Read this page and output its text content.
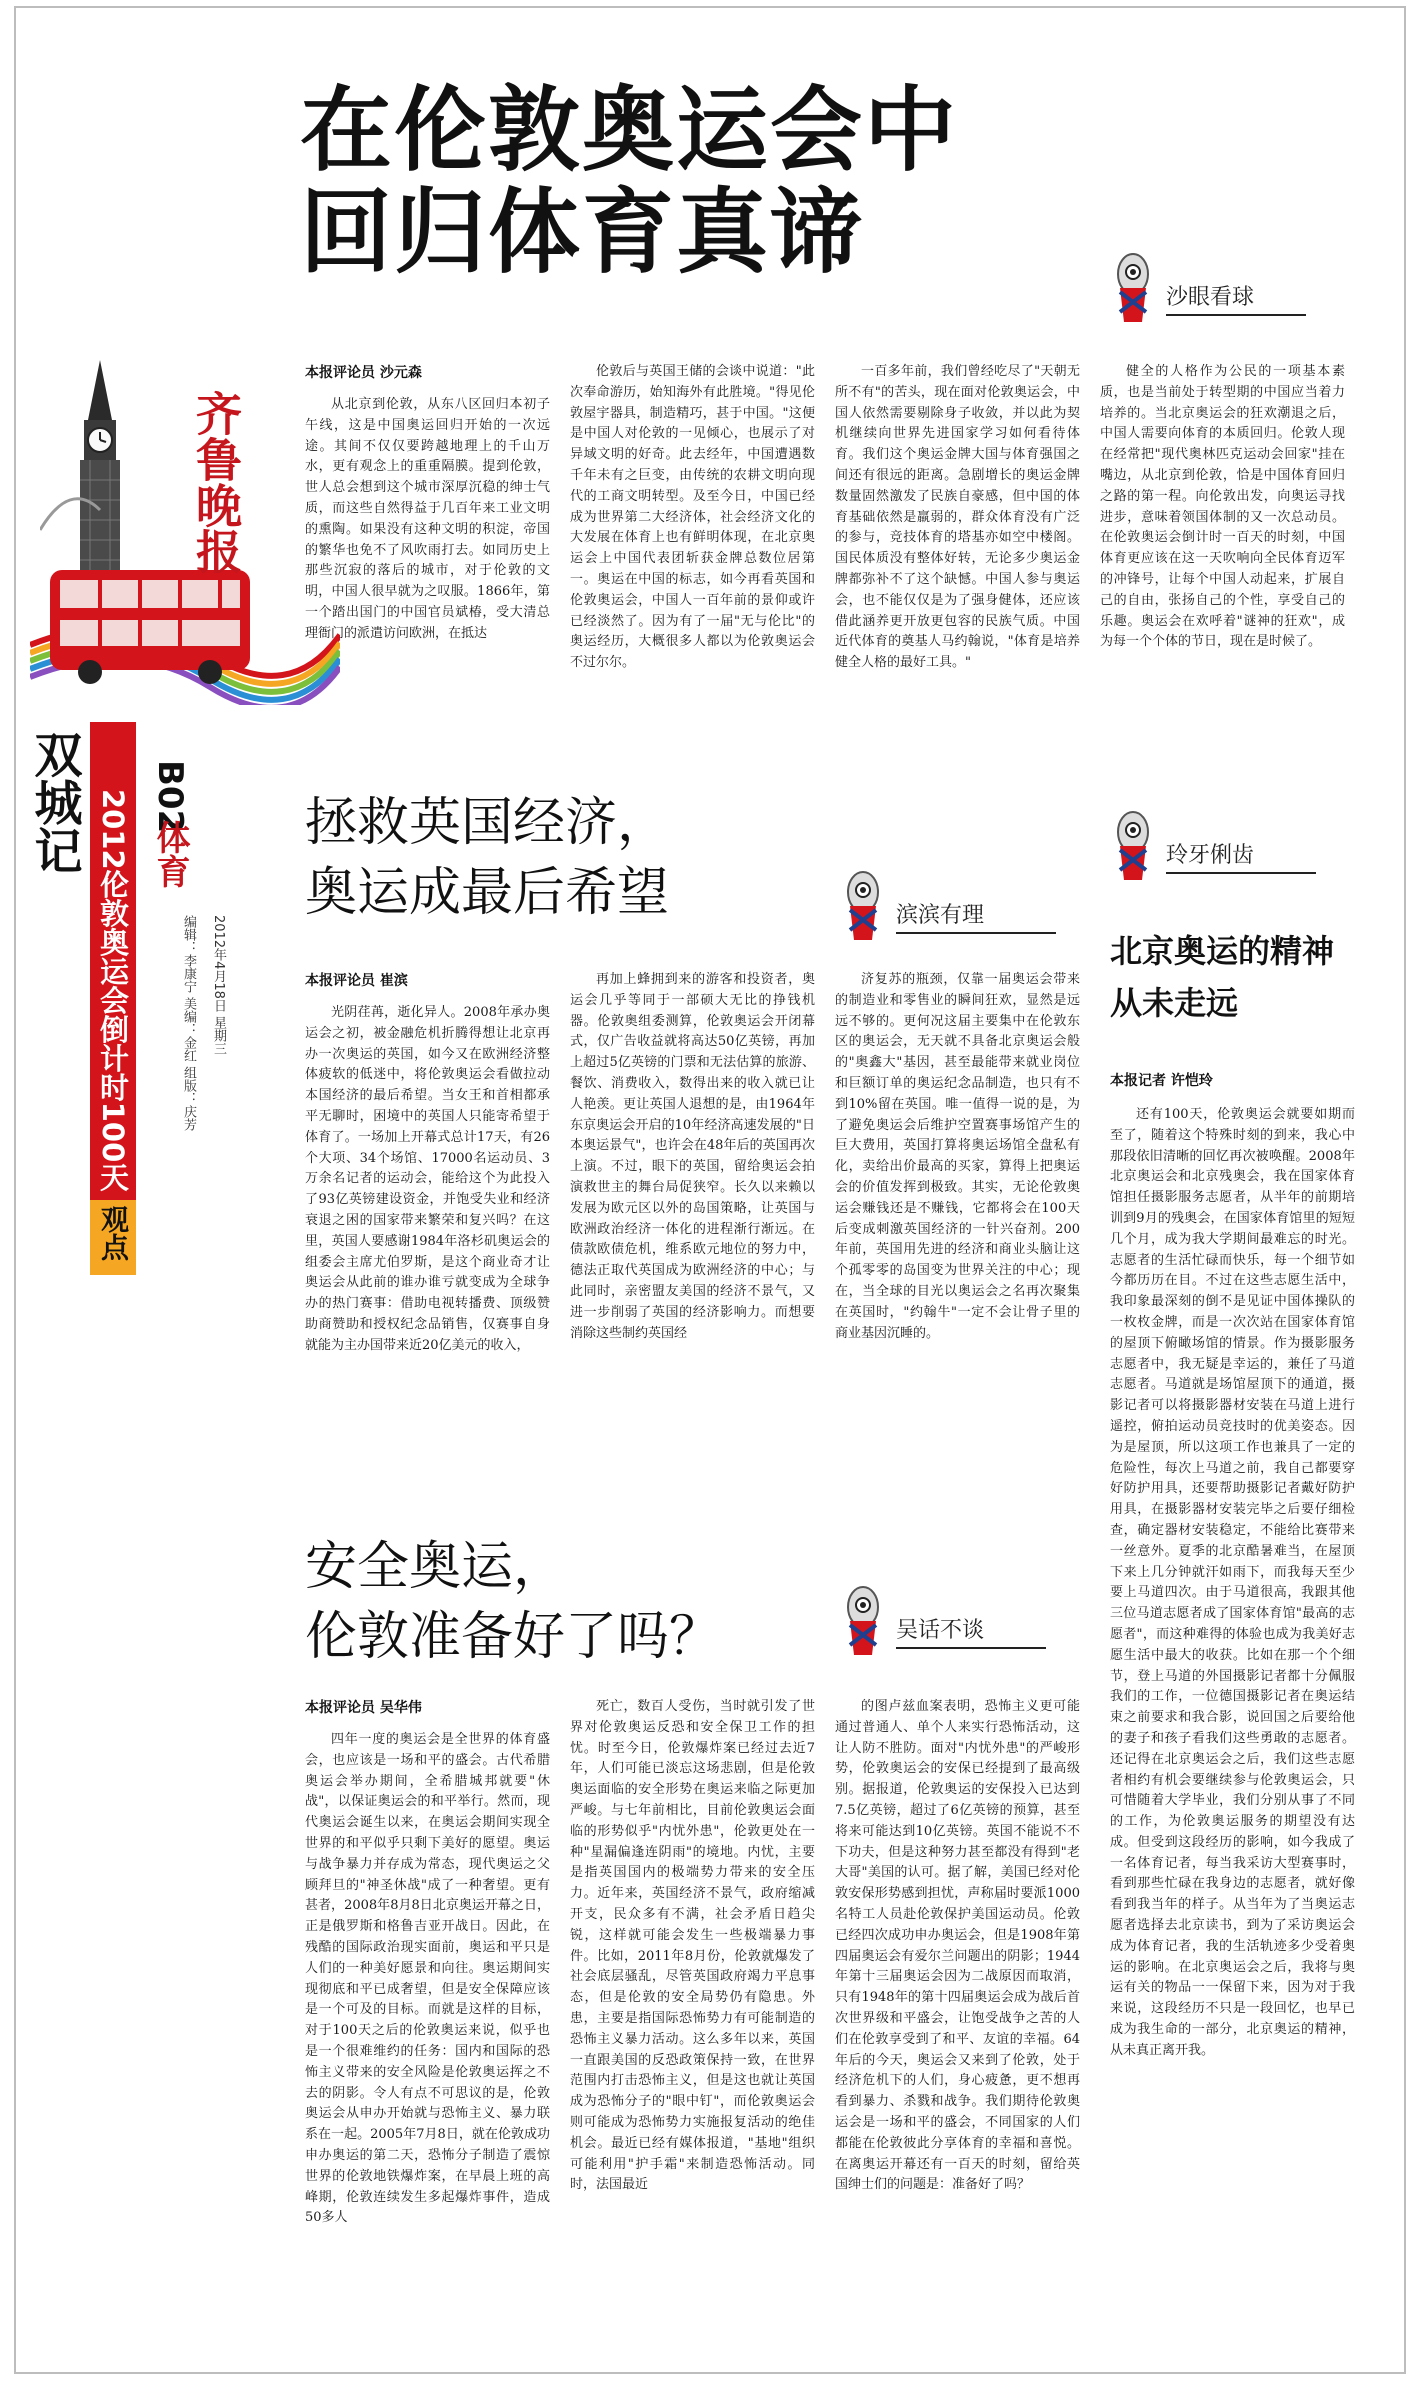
齐鲁晚报
双城记 2012伦敦奥运会倒计时100天
观点
B02
体育
2012年4月18日 星期三
编辑：李康宁 美编：金红 组版：庆芳
在伦敦奥运会中
回归体育真谛
沙眼看球
本报评论员 沙元森

从北京到伦敦，从东八区回归本初子午线，这是中国奥运回归开始的一次远途。其间不仅仅要跨越地理上的千山万水，更有观念上的重重隔膜。提到伦敦，世人总会想到这个城市深厚沉稳的绅士气质，而这些自然得益于几百年来工业文明的熏陶。如果没有这种文明的积淀，帝国的繁华也免不了风吹雨打去。如同历史上那些沉寂的落后的城市，对于伦敦的文明，中国人很早就为之叹服。1866年，第一个踏出国门的中国官员斌椿，受大清总理衙门的派遣访问欧洲，在抵达

伦敦后与英国王储的会谈中说道："此次奉命游历，始知海外有此胜境。"得见伦敦屋宇器具，制造精巧，甚于中国。"这便是中国人对伦敦的一见倾心，也展示了对异域文明的好奇。此去经年，中国遭遇数千年未有之巨变，由传统的农耕文明向现代的工商文明转型。及至今日，中国已经成为世界第二大经济体，社会经济文化的大发展在体育上也有鲜明体现，在北京奥运会上中国代表团斩获金牌总数位居第一。奥运在中国的标志，如今再看英国和伦敦奥运会，中国人一百年前的景仰或许已经淡然了。因为有了一届"无与伦比"的奥运经历，大概很多人都以为伦敦奥运会不过尔尔。

一百多年前，我们曾经吃尽了"天朝无所不有"的苦头，现在面对伦敦奥运会，中国人依然需要剔除身子收敛，并以此为契机继续向世界先进国家学习如何看待体育。我们这个奥运金牌大国与体育强国之间还有很远的距离。急剧增长的奥运金牌数量固然激发了民族自豪感，但中国的体育基础依然是羸弱的，群众体育没有广泛的参与，竞技体育的塔基亦如空中楼阁。国民体质没有整体好转，无论多少奥运金牌都弥补不了这个缺憾。中国人参与奥运会，也不能仅仅是为了强身健体，还应该借此涵养更开放更包容的民族气质。中国近代体育的奠基人马约翰说，"体育是培养健全人格的最好工具。"

健全的人格作为公民的一项基本素质，也是当前处于转型期的中国应当着力培养的。当北京奥运会的狂欢潮退之后，中国人需要向体育的本质回归。伦敦人现在经常把"现代奥林匹克运动会回家"挂在嘴边，从北京到伦敦，恰是中国体育回归之路的第一程。向伦敦出发，向奥运寻找进步，意味着领国体制的又一次总动员。在伦敦奥运会倒计时一百天的时刻，中国体育更应该在这一天吹响向全民体育迈军的冲锋号，让每个中国人动起来，扩展自己的自由，张扬自己的个性，享受自己的乐趣。奥运会在欢呼着"谜神的狂欢"，成为每一个个体的节日，现在是时候了。

拯救英国经济，
奥运成最后希望	滨滨有理
本报评论员 崔滨

光阴荏苒，逝化异人。2008年承办奥运会之初，被金融危机折腾得想让北京再办一次奥运的英国，如今又在欧洲经济整体疲软的低迷中，将伦敦奥运会看做拉动本国经济的最后希望。当女王和首相都承平无聊时，困境中的英国人只能寄希望于体育了。一场加上开幕式总计17天，有26个大项、34个场馆、17000名运动员、3万余名记者的运动会，能给这个为此投入了93亿英镑建设资金，并饱受失业和经济衰退之困的国家带来繁荣和复兴吗？在这里，英国人要感谢1984年洛杉矶奥运会的组委会主席尤伯罗斯，是这个商业奇才让奥运会从此前的谁办谁亏就变成为全球争办的热门赛事：借助电视转播费、顶级赞助商赞助和授权纪念品销售，仅赛事自身就能为主办国带来近20亿美元的收入，

再加上蜂拥到来的游客和投资者，奥运会几乎等同于一部硕大无比的挣钱机器。伦敦奥组委测算，伦敦奥运会开闭幕式，仅广告收益就将高达50亿英镑，再加上超过5亿英镑的门票和无法估算的旅游、餐饮、消费收入，数得出来的收入就已让人艳羡。更让英国人退想的是，由1964年东京奥运会开启的10年经济高速发展的"日本奥运景气"，也许会在48年后的英国再次上演。不过，眼下的英国，留给奥运会拍演救世主的舞台局促狭窄。长久以来赖以发展为欧元区以外的岛国策略，让英国与欧洲政治经济一体化的进程渐行渐远。在债款欧债危机，维系欧元地位的努力中，德法正取代英国成为欧洲经济的中心；与此同时，亲密盟友美国的经济不景气，又进一步削弱了英国的经济影响力。而想要消除这些制约英国经

济复苏的瓶颈，仅靠一届奥运会带来的制造业和零售业的瞬间狂欢，显然是远远不够的。更何况这届主要集中在伦敦东区的奥运会，无天就不具备北京奥运会般的"奥鑫大"基因，甚至最能带来就业岗位和巨额订单的奥运纪念品制造，也只有不到10%留在英国。唯一值得一说的是，为了避免奥运会后维护空置赛事场馆产生的巨大费用，英国打算将奥运场馆全盘私有化，卖给出价最高的买家，算得上把奥运会的价值发挥到极致。其实，无论伦敦奥运会赚钱还是不赚钱，它都将会在100天后变成刺激英国经济的一针兴奋剂。200年前，英国用先进的经济和商业头脑让这个孤零零的岛国变为世界关注的中心；现在，当全球的目光以奥运会之名再次聚集在英国时，"约翰牛"一定不会让骨子里的商业基因沉睡的。

玲牙俐齿
北京奥运的精神
从未走远
本报记者 许恺玲

还有100天，伦敦奥运会就要如期而至了，随着这个特殊时刻的到来，我心中那段依旧清晰的回忆再次被唤醒。2008年北京奥运会和北京残奥会，我在国家体育馆担任摄影服务志愿者，从半年的前期培训到9月的残奥会，在国家体育馆里的短短几个月，成为我大学期间最难忘的时光。志愿者的生活忙碌而快乐，每一个细节如今都历历在目。不过在这些志愿生活中，我印象最深刻的倒不是见证中国体操队的一枚枚金牌，而是一次次站在国家体育馆的屋顶下俯瞰场馆的情景。作为摄影服务志愿者中，我无疑是幸运的，兼任了马道志愿者。马道就是场馆屋顶下的通道，摄影记者可以将摄影器材安装在马道上进行遥控，俯拍运动员竞技时的优美姿态。因为是屋顶，所以这项工作也兼具了一定的危险性，每次上马道之前，我自己都要穿好防护用具，还要帮助摄影记者戴好防护用具，在摄影器材安装完毕之后要仔细检查，确定器材安装稳定，不能给比赛带来一丝意外。夏季的北京酷暑难当，在屋顶下来上几分钟就汗如雨下，而我每天至少要上马道四次。由于马道很高，我跟其他三位马道志愿者成了国家体育馆"最高的志愿者"，而这种难得的体验也成为我美好志愿生活中最大的收获。比如在那一个个细节，登上马道的外国摄影记者都十分佩服我们的工作，一位德国摄影记者在奥运结束之前要求和我合影，说回国之后要给他的妻子和孩子看我们这些勇敢的志愿者。还记得在北京奥运会之后，我们这些志愿者相约有机会要继续参与伦敦奥运会，只可惜随着大学毕业，我们分别从事了不同的工作，为伦敦奥运服务的期望没有达成。但受到这段经历的影响，如今我成了一名体育记者，每当我采访大型赛事时，看到那些忙碌在我身边的志愿者，就好像看到我当年的样子。从当年为了当奥运志愿者选择去北京读书，到为了采访奥运会成为体育记者，我的生活轨迹多少受着奥运的影响。在北京奥运会之后，我将与奥运有关的物品一一保留下来，因为对于我来说，这段经历不只是一段回忆，也早已成为我生命的一部分，北京奥运的精神，从未真正离开我。

安全奥运，
伦敦准备好了吗？	吴话不谈
本报评论员 吴华伟

四年一度的奥运会是全世界的体育盛会，也应该是一场和平的盛会。古代希腊奥运会举办期间，全希腊城邦就要"休战"，以保证奥运会的和平举行。然而，现代奥运会诞生以来，在奥运会期间实现全世界的和平似乎只剩下美好的愿望。奥运与战争暴力并存成为常态，现代奥运之父顾拜旦的"神圣休战"成了一种奢望。更有甚者，2008年8月8日北京奥运开幕之日，正是俄罗斯和格鲁吉亚开战日。因此，在残酷的国际政治现实面前，奥运和平只是人们的一种美好愿景和向往。奥运期间实现彻底和平已成奢望，但是安全保障应该是一个可及的目标。而就是这样的目标，对于100天之后的伦敦奥运来说，似乎也是一个很难维约的任务：国内和国际的恐怖主义带来的安全风险是伦敦奥运挥之不去的阴影。令人有点不可思议的是，伦敦奥运会从申办开始就与恐怖主义、暴力联系在一起。2005年7月8日，就在伦敦成功申办奥运的第二天，恐怖分子制造了震惊世界的伦敦地铁爆炸案，在早晨上班的高峰期，伦敦连续发生多起爆炸事件，造成50多人

死亡，数百人受伤，当时就引发了世界对伦敦奥运反恐和安全保卫工作的担忧。时至今日，伦敦爆炸案已经过去近7年，人们可能已淡忘这场悲剧，但是伦敦奥运面临的安全形势在奥运来临之际更加严峻。与七年前相比，目前伦敦奥运会面临的形势似乎"内忧外患"，伦敦更处在一种"星漏偏逢连阴雨"的境地。内忧，主要是指英国国内的极端势力带来的安全压力。近年来，英国经济不景气，政府缩减开支，民众多有不满，社会矛盾日趋尖锐，这样就可能会发生一些极端暴力事件。比如，2011年8月份，伦敦就爆发了社会底层骚乱，尽管英国政府竭力平息事态，但是伦敦的安全局势仍有隐患。外患，主要是指国际恐怖势力有可能制造的恐怖主义暴力活动。这么多年以来，英国一直跟美国的反恐政策保持一致，在世界范围内打击恐怖主义，但是这也就让英国成为恐怖分子的"眼中钉"，而伦敦奥运会则可能成为恐怖势力实施报复活动的绝佳机会。最近已经有媒体报道，"基地"组织可能利用"护手霜"来制造恐怖活动。同时，法国最近

的图卢兹血案表明，恐怖主义更可能通过普通人、单个人来实行恐怖活动，这让人防不胜防。面对"内忧外患"的严峻形势，伦敦奥运会的安保已经提到了最高级别。据报道，伦敦奥运的安保投入已达到7.5亿英镑，超过了6亿英镑的预算，甚至将来可能达到10亿英镑。英国不能说不不下功夫，但是这种努力甚至都没有得到"老大哥"美国的认可。据了解，美国已经对伦敦安保形势感到担忧，声称届时要派1000名特工人员赴伦敦保护美国运动员。伦敦已经四次成功申办奥运会，但是1908年第四届奥运会有爱尔兰问题出的阴影；1944年第十三届奥运会因为二战原因而取消，只有1948年的第十四届奥运会成为战后首次世界级和平盛会，让饱受战争之苦的人们在伦敦享受到了和平、友谊的幸福。64年后的今天，奥运会又来到了伦敦，处于经济危机下的人们，身心疲惫，更不想再看到暴力、杀戮和战争。我们期待伦敦奥运会是一场和平的盛会，不同国家的人们都能在伦敦彼此分享体育的幸福和喜悦。在离奥运开幕还有一百天的时刻，留给英国绅士们的问题是：准备好了吗？
